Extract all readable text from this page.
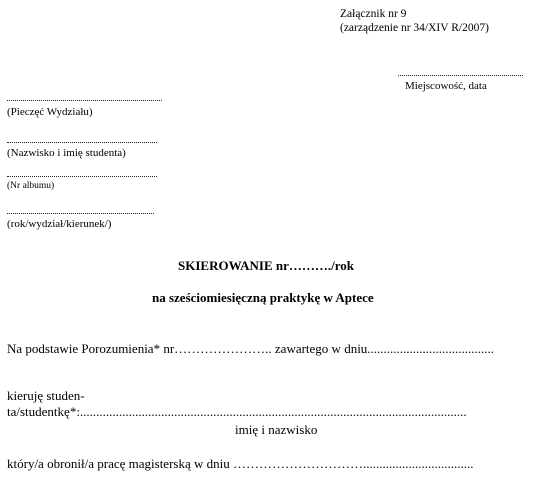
Załącznik nr 9
(zarządzenie nr 34/XIV R/2007)
Miejscowość, data
(Pieczęć Wydziału)
(Nazwisko i imię studenta)
(Nr albumu)
(rok/wydział/kierunek/)
SKIEROWANIE nr………./rok
na sześciomiesięczną praktykę w Aptece
Na podstawie Porozumienia* nr………………….. zawartego w dniu.......................................
kieruję studen-
ta/studentkę*:.......................................................................................................................
imię i nazwisko
który/a obronił/a pracę magisterską w dniu …………………………..................................
